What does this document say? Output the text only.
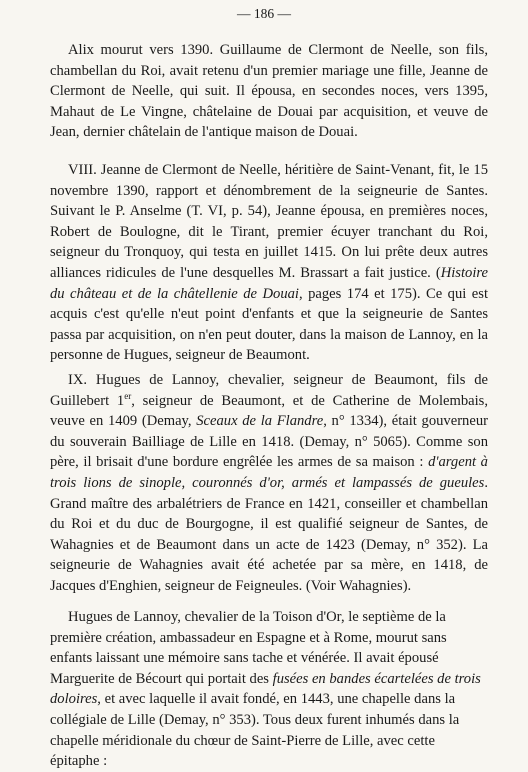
— 186 —

Alix mourut vers 1390. Guillaume de Clermont de Neelle, son fils, chambellan du Roi, avait retenu d'un premier mariage une fille, Jeanne de Clermont de Neelle, qui suit. Il épousa, en secondes noces, vers 1395, Mahaut de Le Vingne, châtelaine de Douai par acquisition, et veuve de Jean, dernier châtelain de l'antique maison de Douai.

VIII. Jeanne de Clermont de Neelle, héritière de Saint-Venant, fit, le 15 novembre 1390, rapport et dénombrement de la seigneurie de Santes. Suivant le P. Anselme (T. VI, p. 54), Jeanne épousa, en premières noces, Robert de Boulogne, dit le Tirant, premier écuyer tranchant du Roi, seigneur du Tronquoy, qui testa en juillet 1415. On lui prête deux autres alliances ridicules de l'une desquelles M. Brassart a fait justice. (Histoire du château et de la châtellenie de Douai, pages 174 et 175). Ce qui est acquis c'est qu'elle n'eut point d'enfants et que la seigneurie de Santes passa par acquisition, on n'en peut douter, dans la maison de Lannoy, en la personne de Hugues, seigneur de Beaumont.

IX. Hugues de Lannoy, chevalier, seigneur de Beaumont, fils de Guillebert 1er, seigneur de Beaumont, et de Catherine de Molembais, veuve en 1409 (Demay, Sceaux de la Flandre, n° 1334), était gouverneur du souverain Bailliage de Lille en 1418. (Demay, n° 5065). Comme son père, il brisait d'une bordure engrêlée les armes de sa maison : d'argent à trois lions de sinople, couronnés d'or, armés et lampassés de gueules. Grand maître des arbalétriers de France en 1421, conseiller et chambellan du Roi et du duc de Bourgogne, il est qualifié seigneur de Santes, de Wahagnies et de Beaumont dans un acte de 1423 (Demay, n° 352). La seigneurie de Wahagnies avait été achetée par sa mère, en 1418, de Jacques d'Enghien, seigneur de Feigneules. (Voir Wahagnies).

Hugues de Lannoy, chevalier de la Toison d'Or, le septième de la première création, ambassadeur en Espagne et à Rome, mourut sans enfants laissant une mémoire sans tache et vénérée. Il avait épousé Marguerite de Bécourt qui portait des fusées en bandes écartelées de trois doloires, et avec laquelle il avait fondé, en 1443, une chapelle dans la collégiale de Lille (Demay, n° 353). Tous deux furent inhumés dans la chapelle méridionale du chœur de Saint-Pierre de Lille, avec cette épitaphe :
